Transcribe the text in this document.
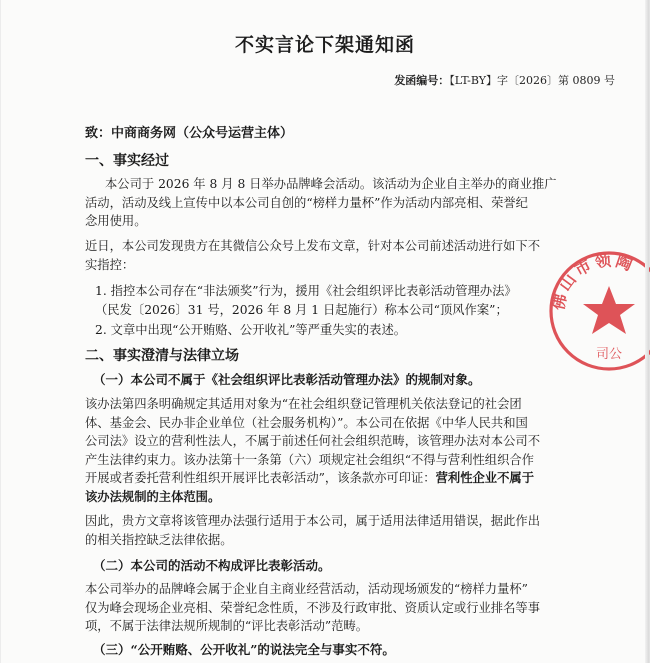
不实言论下架通知函
发函编号：【LT-BY】字〔2026〕第 0809 号
致：中商商务网（公众号运营主体）
一、事实经过
本公司于 2026 年 8 月 8 日举办品牌峰会活动。该活动为企业自主举办的商业推广
活动，活动及线上宣传中以本公司自创的“榜样力量杯”作为活动内部亮相、荣誉纪
念用使用。
近日，本公司发现贵方在其微信公众号上发布文章，针对本公司前述活动进行如下不
实指控：
1. 指控本公司存在“非法颁奖”行为，援用《社会组织评比表彰活动管理办法》
（民发〔2026〕31 号，2026 年 8 月 1 日起施行）称本公司“顶风作案”；
2. 文章中出现“公开贿赂、公开收礼”等严重失实的表述。
二、事实澄清与法律立场
（一）本公司不属于《社会组织评比表彰活动管理办法》的规制对象。
该办法第四条明确规定其适用对象为“在社会组织登记管理机关依法登记的社会团
体、基金会、民办非企业单位（社会服务机构）”。本公司在依据《中华人民共和国
公司法》设立的营利性法人，不属于前述任何社会组织范畴，该管理办法对本公司不
产生法律约束力。该办法第十一条第（六）项规定社会组织“不得与营利性组织合作
开展或者委托营利性组织开展评比表彰活动”，该条款亦可印证：营利性企业不属于
该办法规制的主体范围。
因此，贵方文章将该管理办法强行适用于本公司，属于适用法律适用错误，据此作出
的相关指控缺乏法律依据。
（二）本公司的活动不构成评比表彰活动。
本公司举办的品牌峰会属于企业自主商业经营活动，活动现场颁发的“榜样力量杯”
仅为峰会现场企业亮相、荣誉纪念性质，不涉及行政审批、资质认定或行业排名等事
项，不属于法律法规所规制的“评比表彰活动”范畴。
（三）“公开贿赂、公开收礼”的说法完全与事实不符。
佛山市领陶
司公
